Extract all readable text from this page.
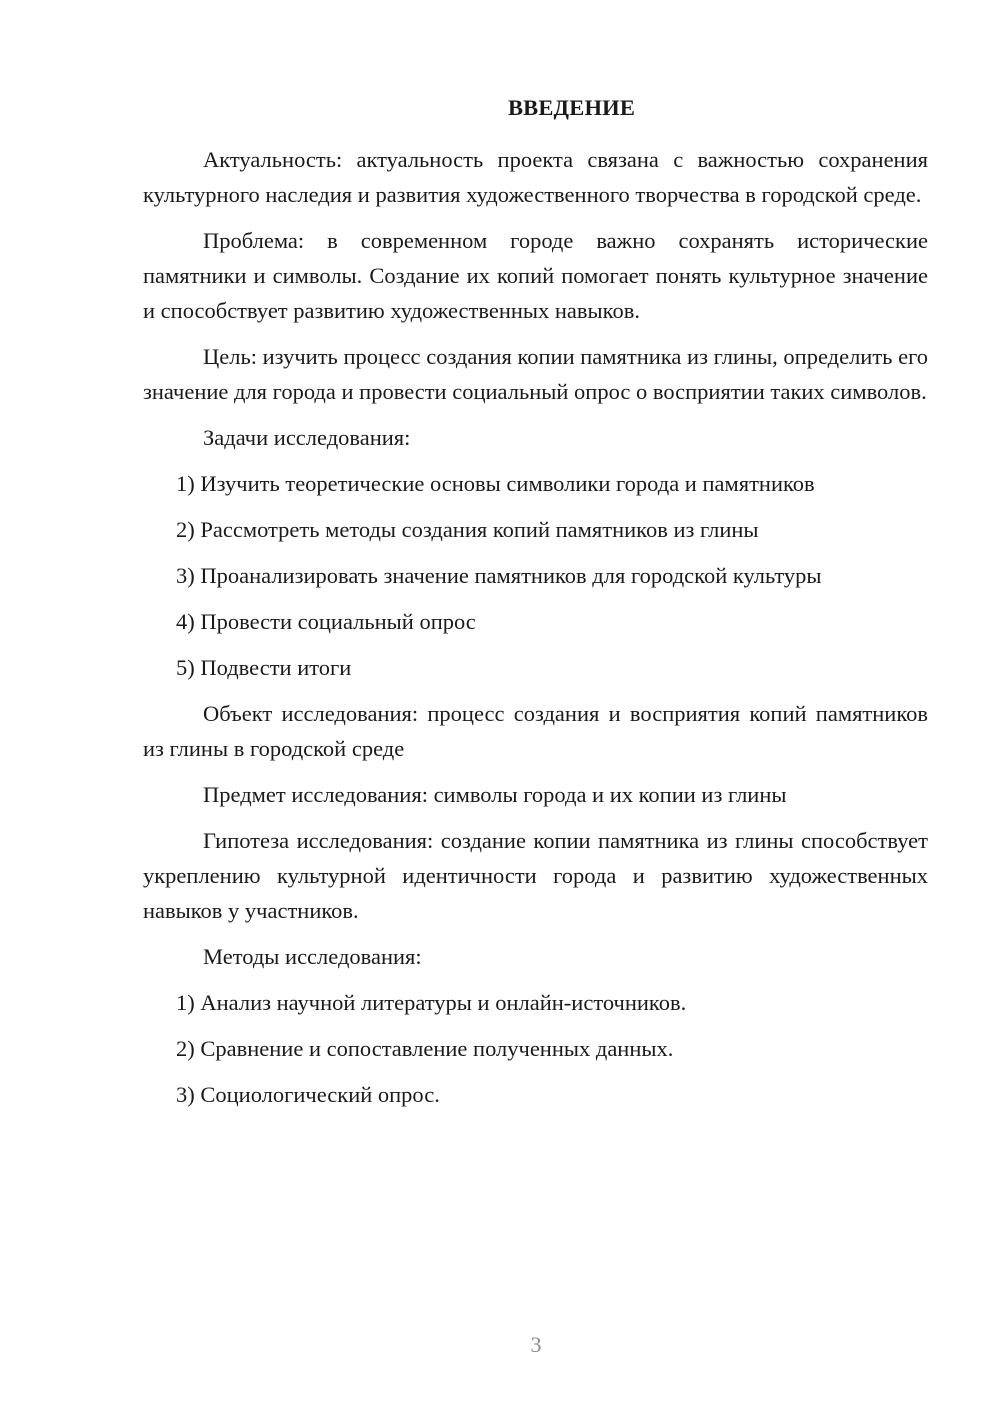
ВВЕДЕНИЕ

Актуальность: актуальность проекта связана с важностью сохранения культурного наследия и развития художественного творчества в городской среде.

Проблема: в современном городе важно сохранять исторические памятники и символы. Создание их копий помогает понять культурное значение и способствует развитию художественных навыков.

Цель: изучить процесс создания копии памятника из глины, определить его значение для города и провести социальный опрос о восприятии таких символов.

Задачи исследования:

1) Изучить теоретические основы символики города и памятников
2) Рассмотреть методы создания копий памятников из глины
3) Проанализировать значение памятников для городской культуры
4) Провести социальный опрос
5) Подвести итоги

Объект исследования: процесс создания и восприятия копий памятников из глины в городской среде

Предмет исследования: символы города и их копии из глины

Гипотеза исследования: создание копии памятника из глины способствует укреплению культурной идентичности города и развитию художественных навыков у участников.

Методы исследования:

1) Анализ научной литературы и онлайн-источников.
2) Сравнение и сопоставление полученных данных.
3) Социологический опрос.
3
